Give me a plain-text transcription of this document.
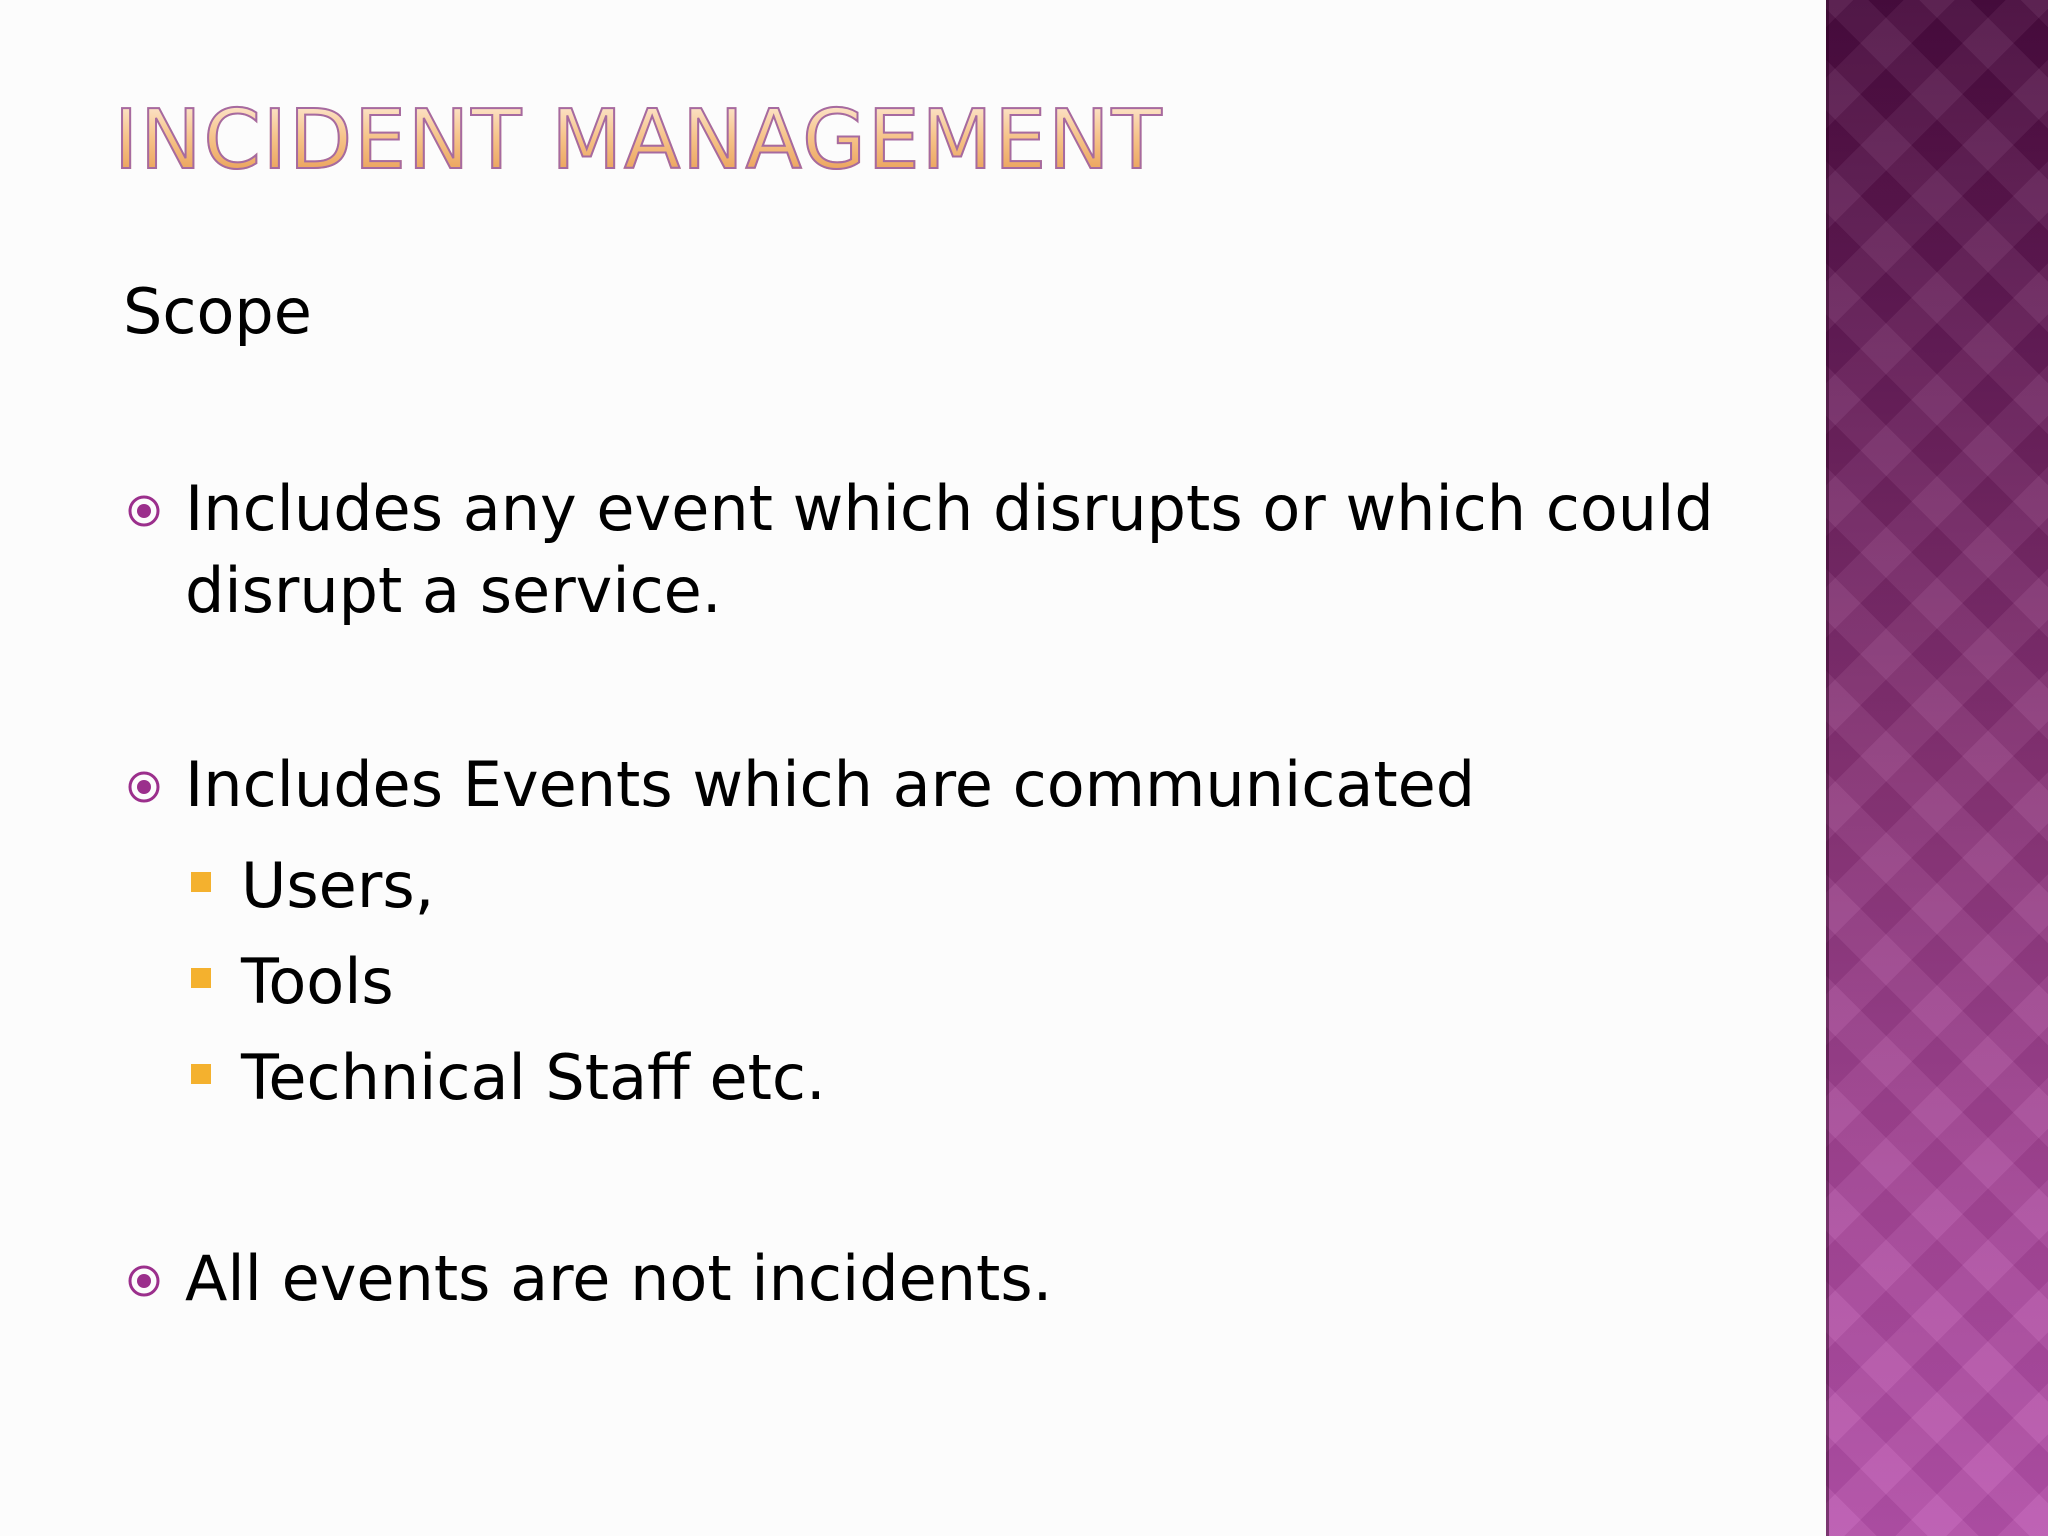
INCIDENT MANAGEMENT

Scope

Includes any event which disrupts or which could disrupt a service.
Includes Events which are communicated
Users,
Tools
Technical Staff etc.
All events are not incidents.
